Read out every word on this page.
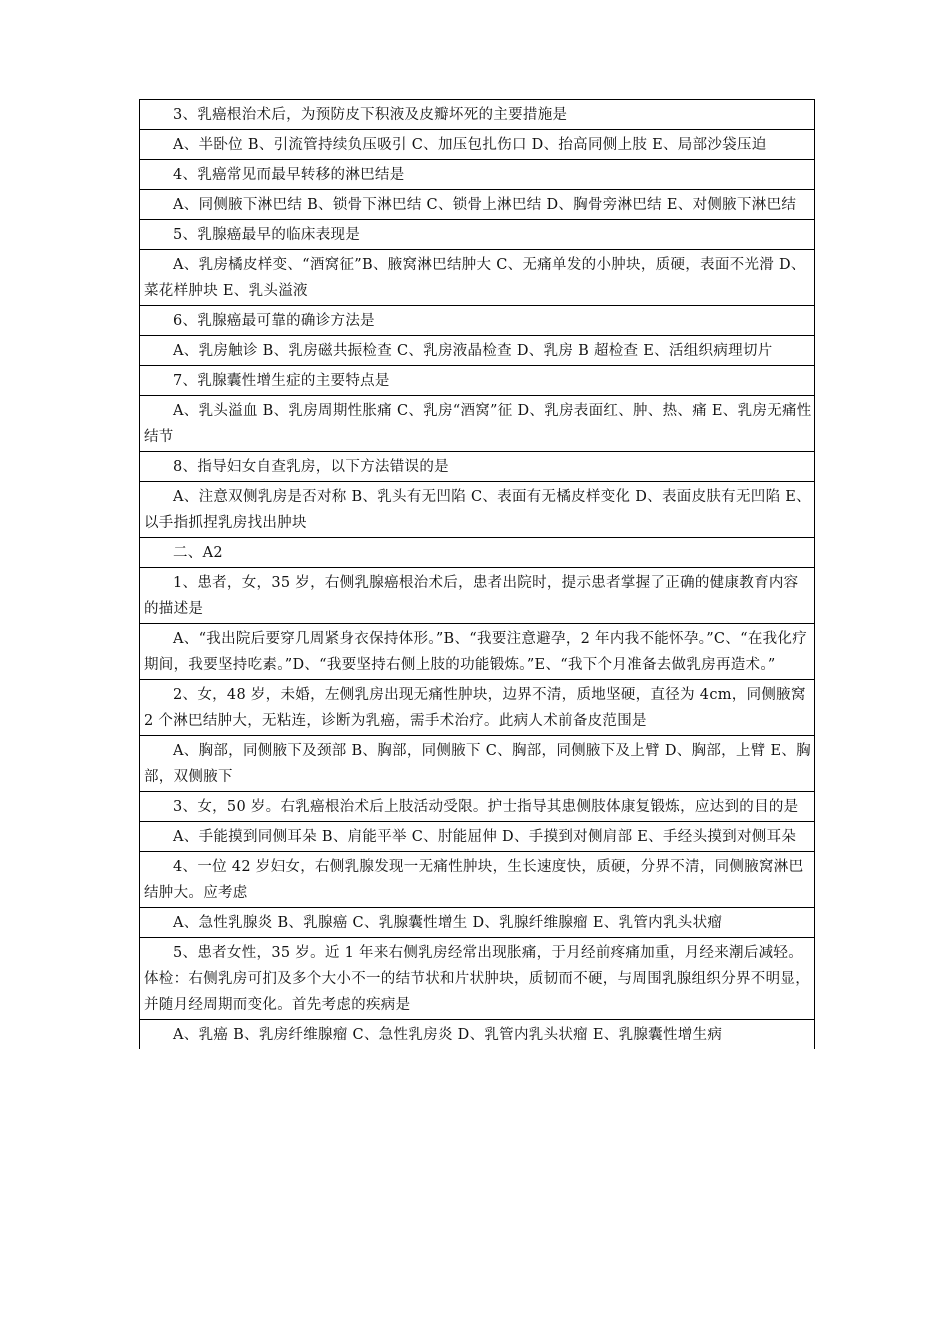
3、乳癌根治术后，为预防皮下积液及皮瓣坏死的主要措施是
A、半卧位 B、引流管持续负压吸引 C、加压包扎伤口 D、抬高同侧上肢 E、局部沙袋压迫
4、乳癌常见而最早转移的淋巴结是
A、同侧腋下淋巴结 B、锁骨下淋巴结 C、锁骨上淋巴结 D、胸骨旁淋巴结 E、对侧腋下淋巴结
5、乳腺癌最早的临床表现是
A、乳房橘皮样变、“酒窝征”B、腋窝淋巴结肿大 C、无痛单发的小肿块，质硬，表面不光滑 D、菜花样肿块 E、乳头溢液
6、乳腺癌最可靠的确诊方法是
A、乳房触诊 B、乳房磁共振检查 C、乳房液晶检查 D、乳房 B 超检查 E、活组织病理切片
7、乳腺囊性增生症的主要特点是
A、乳头溢血 B、乳房周期性胀痛 C、乳房“酒窝”征 D、乳房表面红、肿、热、痛 E、乳房无痛性结节
8、指导妇女自查乳房，以下方法错误的是
A、注意双侧乳房是否对称 B、乳头有无凹陷 C、表面有无橘皮样变化 D、表面皮肤有无凹陷 E、以手指抓捏乳房找出肿块
二、A2
1、患者，女，35 岁，右侧乳腺癌根治术后，患者出院时，提示患者掌握了正确的健康教育内容的描述是
A、“我出院后要穿几周紧身衣保持体形。”B、“我要注意避孕，2 年内我不能怀孕。”C、“在我化疗期间，我要坚持吃素。”D、“我要坚持右侧上肢的功能锻炼。”E、“我下个月准备去做乳房再造术。”
2、女，48 岁，未婚，左侧乳房出现无痛性肿块，边界不清，质地坚硬，直径为 4cm，同侧腋窝 2 个淋巴结肿大，无粘连，诊断为乳癌，需手术治疗。此病人术前备皮范围是
A、胸部，同侧腋下及颈部 B、胸部，同侧腋下 C、胸部，同侧腋下及上臂 D、胸部，上臂 E、胸部，双侧腋下
3、女，50 岁。右乳癌根治术后上肢活动受限。护士指导其患侧肢体康复锻炼，应达到的目的是
A、手能摸到同侧耳朵 B、肩能平举 C、肘能屈伸 D、手摸到对侧肩部 E、手经头摸到对侧耳朵
4、一位 42 岁妇女，右侧乳腺发现一无痛性肿块，生长速度快，质硬，分界不清，同侧腋窝淋巴结肿大。应考虑
A、急性乳腺炎 B、乳腺癌 C、乳腺囊性增生 D、乳腺纤维腺瘤 E、乳管内乳头状瘤
5、患者女性，35 岁。近 1 年来右侧乳房经常出现胀痛，于月经前疼痛加重，月经来潮后减轻。体检：右侧乳房可扪及多个大小不一的结节状和片状肿块，质韧而不硬，与周围乳腺组织分界不明显，并随月经周期而变化。首先考虑的疾病是
A、乳癌 B、乳房纤维腺瘤 C、急性乳房炎 D、乳管内乳头状瘤 E、乳腺囊性增生病
